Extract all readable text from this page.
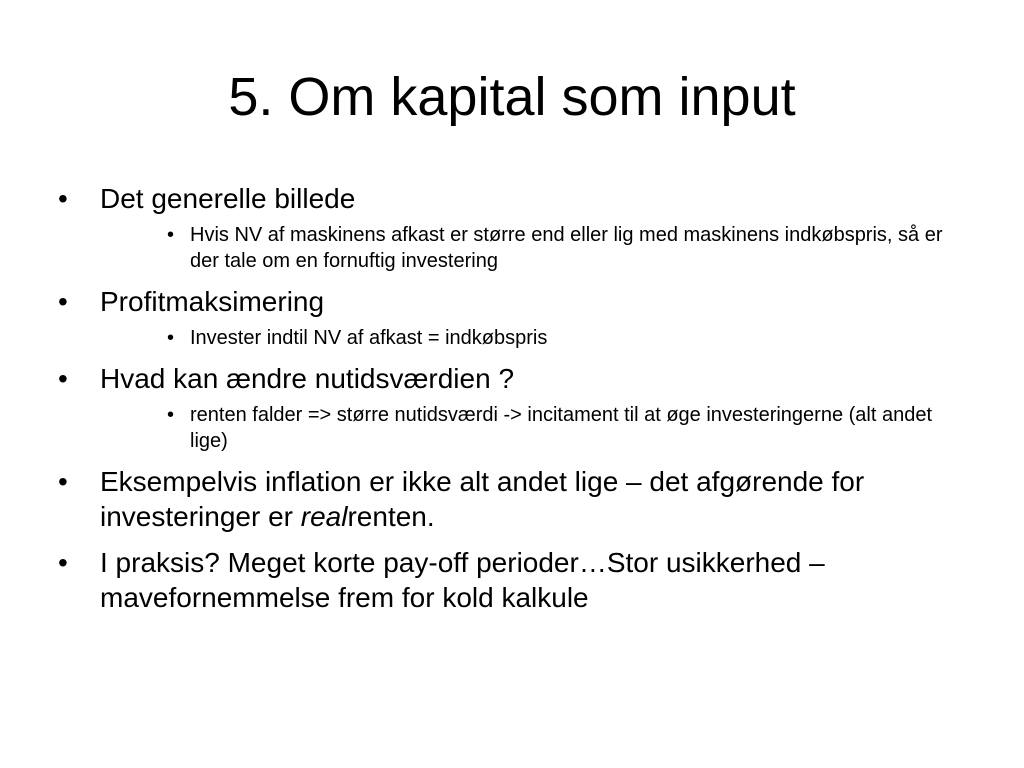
5. Om kapital som input
•	Det generelle billede
• Hvis NV af maskinens afkast er større end eller lig med maskinens indkøbspris, så er der tale om en fornuftig investering
•	Profitmaksimering
• Invester indtil NV af afkast = indkøbspris
•	Hvad kan ændre nutidsværdien ?
• renten falder => større nutidsværdi -> incitament til at øge investeringerne (alt andet lige)
•	Eksempelvis inflation er ikke alt andet lige – det afgørende for investeringer er realrenten.
•	I praksis? Meget korte pay-off perioder…Stor usikkerhed – mavefornemmelse frem for kold kalkule
